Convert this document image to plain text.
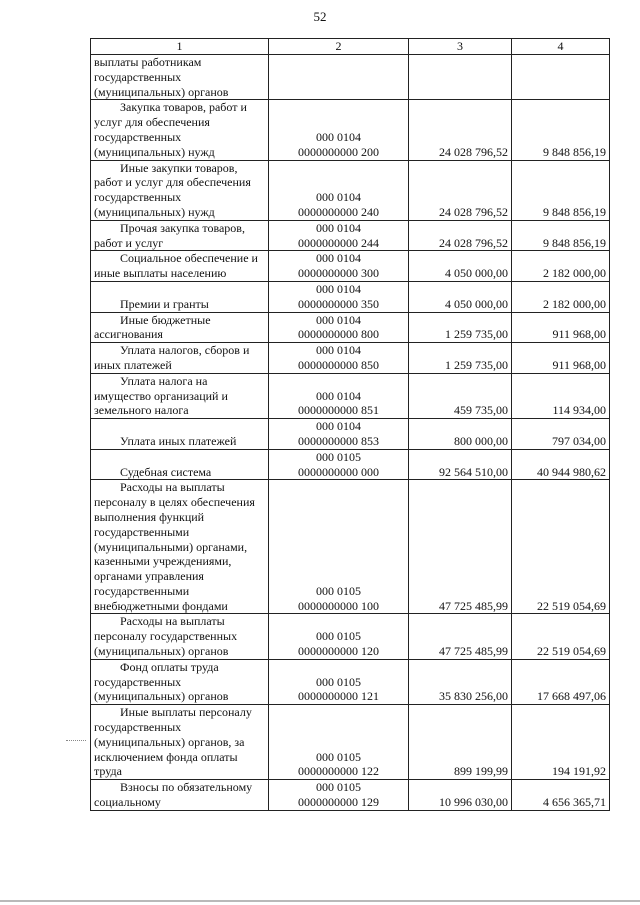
52
1	2	3	4
выплаты работникам государственных (муниципальных) органов	

Закупка товаров, работ и услуг для обеспечения государственных (муниципальных) нужд	000 0104
0000000000 200	24 028 796,52	9 848 856,19
Иные закупки товаров, работ и услуг для обеспечения государственных (муниципальных) нужд	000 0104
0000000000 240	24 028 796,52	9 848 856,19
Прочая закупка товаров, работ и услуг	000 0104
0000000000 244	24 028 796,52	9 848 856,19
Социальное обеспечение и иные выплаты населению	000 0104
0000000000 300	4 050 000,00	2 182 000,00
Премии и гранты	000 0104
0000000000 350	4 050 000,00	2 182 000,00
Иные бюджетные ассигнования	000 0104
0000000000 800	1 259 735,00	911 968,00
Уплата налогов, сборов и иных платежей	000 0104
0000000000 850	1 259 735,00	911 968,00
Уплата налога на имущество организаций и земельного налога	000 0104
0000000000 851	459 735,00	114 934,00
Уплата иных платежей	000 0104
0000000000 853	800 000,00	797 034,00
Судебная система	000 0105
0000000000 000	92 564 510,00	40 944 980,62
Расходы на выплаты персоналу в целях обеспечения выполнения функций государственными (муниципальными) органами, казенными учреждениями, органами управления государственными внебюджетными фондами	000 0105
0000000000 100	47 725 485,99	22 519 054,69
Расходы на выплаты персоналу государственных (муниципальных) органов	000 0105
0000000000 120	47 725 485,99	22 519 054,69
Фонд оплаты труда государственных (муниципальных) органов	000 0105
0000000000 121	35 830 256,00	17 668 497,06
Иные выплаты персоналу государственных (муниципальных) органов, за исключением фонда оплаты труда	000 0105
0000000000 122	899 199,99	194 191,92
Взносы по обязательному социальному	000 0105
0000000000 129	10 996 030,00	4 656 365,71
